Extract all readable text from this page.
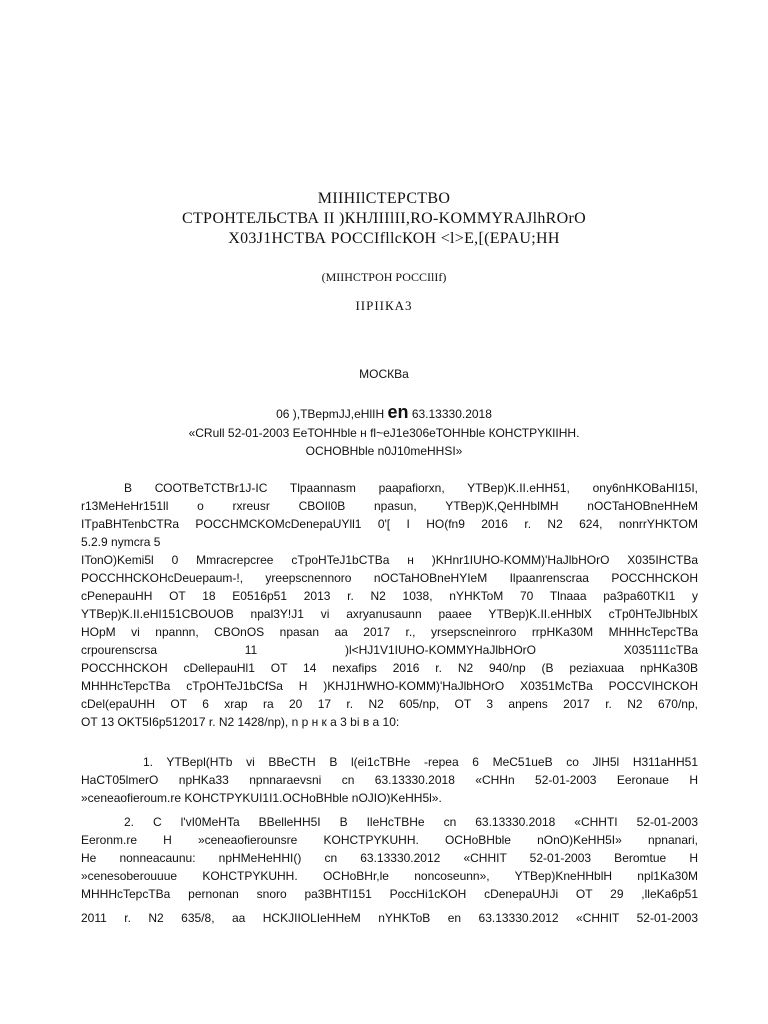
МIIНIlСТЕРСТВО
СТРОНТЕЛЬСТВА II )КНЛIIlII,RO-KOMMYRAJlhROrO
Х03J1НСТВА РОССIfllcКОН <l>Е,[(ЕPAU;НН
(МIIНСТРОН РОССIlIf)
IIPIIКА3
МОСКВа
06 ),ТВepmJJ,eHlIH en 63.13330.2018
«CRull 52-01-2003 ЕеТОННblе н fl~eJ1e306eТОННblе КОНСТРYКIIНН.
ОСНОВНblе n0J10meHHSI»
В СООТВеТСТВr1J-IC Tlpaannasm paapafiorxn, YTBep)K.II.eHH51, ony6nHKOBaHI15I,
r13MeHeHr151ll o rxreusr CBOIl0B npasun, YTBep)K,QeHHblMH nOCTaHOBneHHeM
ITpaBHTenbCTRa POCCHMCKOMcDenepaUYll1 0'[ I HO(fn9 2016 r. N2 624, nonrrYHKTOM
5.2.9 nymcra 5
ITonO)Kemi5l 0 Mmracrepcree cTpoHTeJ1bCTBa н )KHnr1IUHO-KOMM)'HaJlbHOrO X035IHCTBa
POCCHHCKOHcDeuepaum-!, yreepscnennoro nOCTaHOBneHYIeM Ilpaanrenscraa POCCHHCKOH
cPenepauHH OT 18 E0516p51 2013 r. N2 1038, nYHKToM 70 Tlnaaa pa3pa60TKI1 y
YTBep)K.II.eHI151CBOUOB npal3Y!J1 vi axryanusaunn paaee YTBep)K.II.eHHblX cTp0HTeJlbHblX
HOpM vi npannn, CBOnOS npasan aa 2017 r., yrsepscneinroro rrpHKa30M MHHHcTepcTBa
crpourenscrsa 11 )l<HJ1V1IUHO-KOMMYHaJlbHOrO X035111cTBa
POCCHHCKOH cDellepauHl1 OT 14 nexafips 2016 r. N2 940/np (B peziaxuaa npHKa30B
MHHHcTepcTBa cTpOHTeJ1bCfSa H )KHJ1HWHO-KOMM)'HaJlbHOrO X0351McTBa POCCVIHCKOH
cDel(epaUHH OT 6 xrap ra 20 17 r. N2 605/np, OT 3 anpens 2017 r. N2 670/np,
OT 13 OKT5I6p512017 r. N2 1428/np), n p н к а 3 bi в а 10:
1. YTBepl(HTb vi BBeCTH B l(ei1cTBHe -repea 6 MeC51ueB co JlH5l H311aHH51
HaCT05lmerO npHKa33 npnnaraevsni cn 63.13330.2018 «CHHn 52-01-2003 Eeronaue H
»ceneaofieroum.re KOHCTPYKUI1I1.OCHoBHble nOJIO)KeHH5l».
2. C l'vI0MeHTa BBelleHH5I B IleHcTBHe cn 63.13330.2018 «CHHTI 52-01-2003
Eeronm.re H »ceneaofierounsre KOHCTPYKUHH. OCHoBHble nOnO)KeHH5I» npnanari,
He nonneacaunu: npHMeHeHHI() cn 63.13330.2012 «CHHIT 52-01-2003 Beromtue H
»cenesoberouuue KOHCTPYKUHH. OCHoBHr,le noncoseunn», YTBep)KneHHblH npl1Ka30M
MHHHcTepcTBa pernonan snoro pa3BHTI151 PoccHi1cKOH cDenepaUHJi OT 29 ,lleKa6p51
2011 r. N2 635/8, aa HCKJIIOLIeHHeM nYHKToB en 63.13330.2012 «CHHIT 52-01-2003
